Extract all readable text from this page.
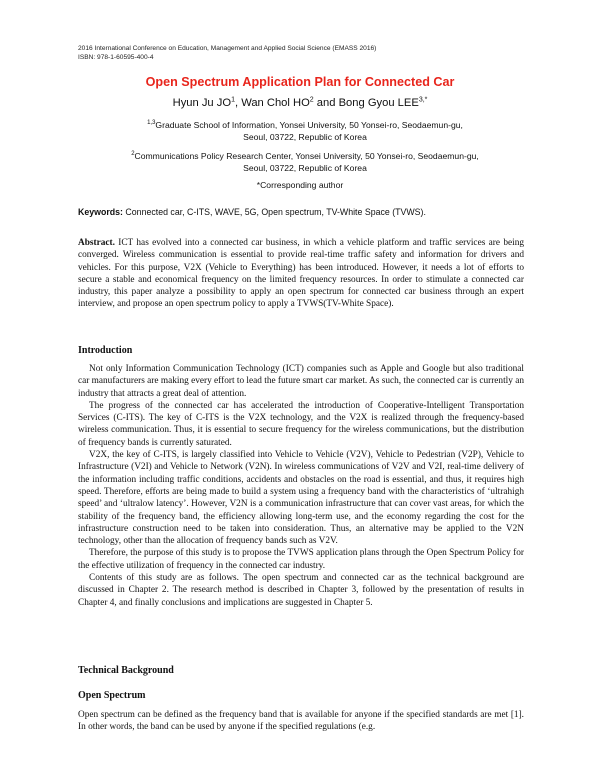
2016 International Conference on Education, Management and Applied Social Science (EMASS 2016)
ISBN: 978-1-60595-400-4
Open Spectrum Application Plan for Connected Car
Hyun Ju $JO^1$, Wan Chol $HO^2$ and Bong Gyou $LEE^{3,*}$
$^{1,3}$Graduate School of Information, Yonsei University, 50 Yonsei-ro, Seodaemun-gu,
Seoul, 03722, Republic of Korea
$^2$Communications Policy Research Center, Yonsei University, 50 Yonsei-ro, Seodaemun-gu,
Seoul, 03722, Republic of Korea
*Corresponding author
Keywords: Connected car, C-ITS, WAVE, 5G, Open spectrum, TV-White Space (TVWS).

Abstract. ICT has evolved into a connected car business, in which a vehicle platform and traffic services are being converged. Wireless communication is essential to provide real-time traffic safety and information for drivers and vehicles. For this purpose, V2X (Vehicle to Everything) has been introduced. However, it needs a lot of efforts to secure a stable and economical frequency on the limited frequency resources. In order to stimulate a connected car industry, this paper analyze a possibility to apply an open spectrum for connected car business through an expert interview, and propose an open spectrum policy to apply a TVWS(TV-White Space).

Introduction

Not only Information Communication Technology (ICT) companies such as Apple and Google but also traditional car manufacturers are making every effort to lead the future smart car market. As such, the connected car is currently an industry that attracts a great deal of attention.

The progress of the connected car has accelerated the introduction of Cooperative-Intelligent Transportation Services (C-ITS). The key of C-ITS is the V2X technology, and the V2X is realized through the frequency-based wireless communication. Thus, it is essential to secure frequency for the wireless communications, but the distribution of frequency bands is currently saturated.

V2X, the key of C-ITS, is largely classified into Vehicle to Vehicle (V2V), Vehicle to Pedestrian (V2P), Vehicle to Infrastructure (V2I) and Vehicle to Network (V2N). In wireless communications of V2V and V2I, real-time delivery of the information including traffic conditions, accidents and obstacles on the road is essential, and thus, it requires high speed. Therefore, efforts are being made to build a system using a frequency band with the characteristics of ‘ultrahigh speed’ and ‘ultralow latency’. However, V2N is a communication infrastructure that can cover vast areas, for which the stability of the frequency band, the efficiency allowing long-term use, and the economy regarding the cost for the infrastructure construction need to be taken into consideration. Thus, an alternative may be applied to the V2N technology, other than the allocation of frequency bands such as V2V.

Therefore, the purpose of this study is to propose the TVWS application plans through the Open Spectrum Policy for the effective utilization of frequency in the connected car industry.

Contents of this study are as follows. The open spectrum and connected car as the technical background are discussed in Chapter 2. The research method is described in Chapter 3, followed by the presentation of results in Chapter 4, and finally conclusions and implications are suggested in Chapter 5.

Technical Background
Open Spectrum

Open spectrum can be defined as the frequency band that is available for anyone if the specified standards are met [1]. In other words, the band can be used by anyone if the specified regulations (e.g.
